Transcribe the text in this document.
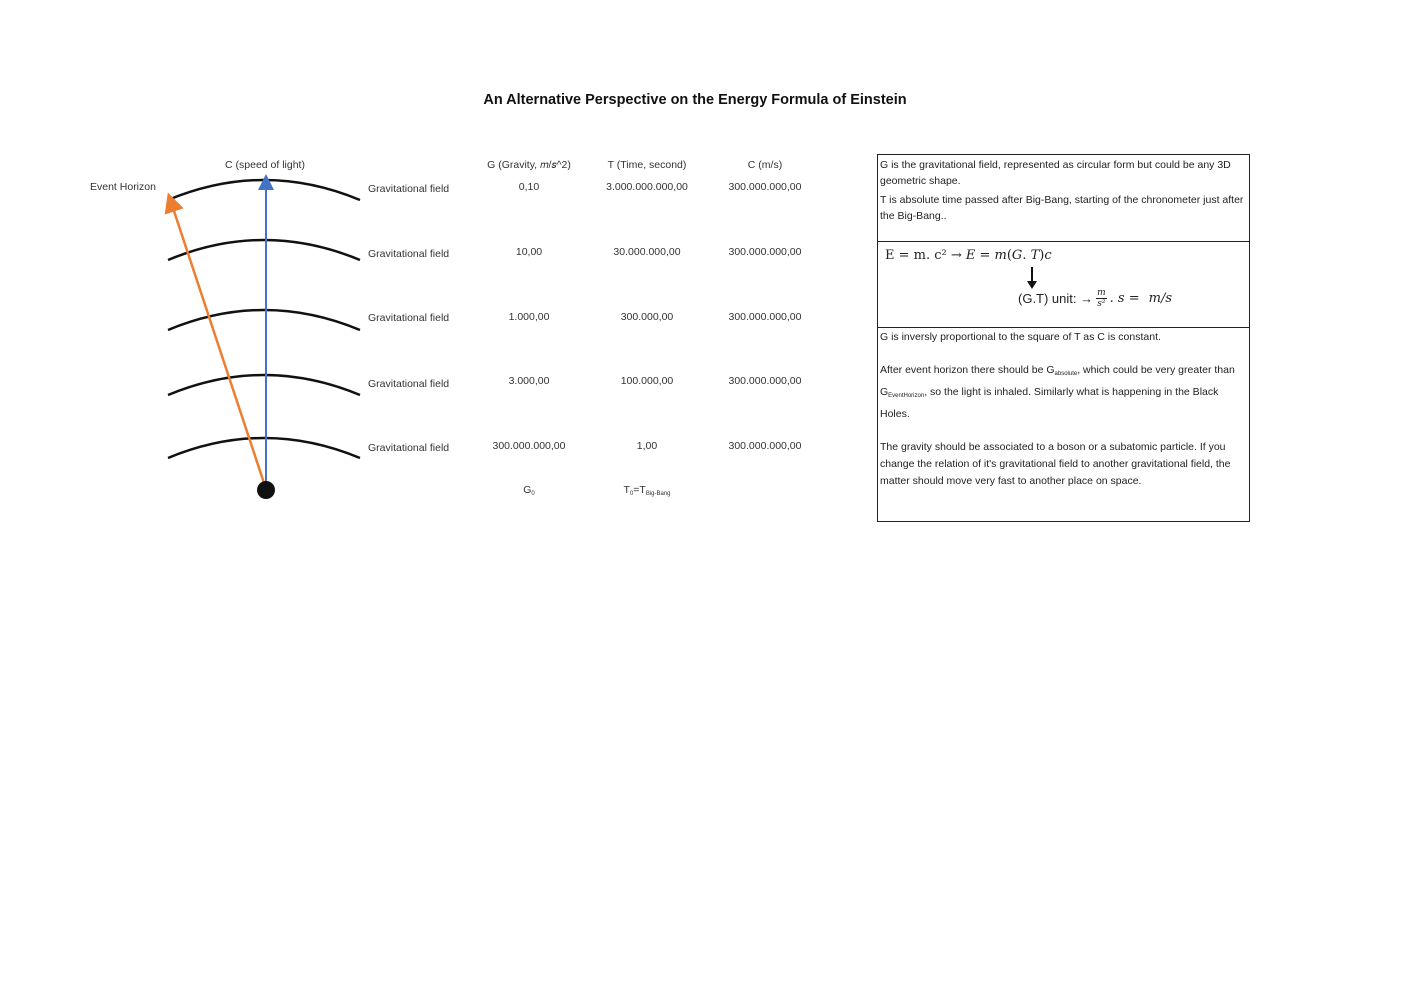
An Alternative Perspective on the Energy Formula of Einstein
C (speed of light)
Event Horizon	Gravitational field
Gravitational field
Gravitational field
Gravitational field
Gravitational field
G (Gravity, 𝑚/𝑠^2)	T (Time, second)	C (m/s)
0,10	3.000.000.000,00	300.000.000,00
10,00	30.000.000,00	300.000.000,00
1.000,00	300.000,00	300.000.000,00
3.000,00	100.000,00	300.000.000,00
300.000.000,00	1,00	300.000.000,00
$G_0$	$T_0=T_{Big-Bang}$

G is the gravitational field, represented as circular form but could be any 3D geometric shape.

T is absolute time passed after Big-Bang, starting of the chronometer just after the Big-Bang..

E = m. c² → 𝐸 = 𝑚(𝐺. 𝑇)𝑐
(G.T) unit: → $\frac{m}{\text{s²}}$ . 𝑠 = m/s

G is inversly proportional to the square of T as C is constant.

After event horizon there should be $G_{absolute}$, which could be very greater than $G_{EventHorizon}$, so the light is inhaled. Similarly what is happening in the Black Holes.

The gravity should be associated to a boson or a subatomic particle. If you change the relation of it's gravitational field to another gravitational field, the matter should move very fast to another place on space.
